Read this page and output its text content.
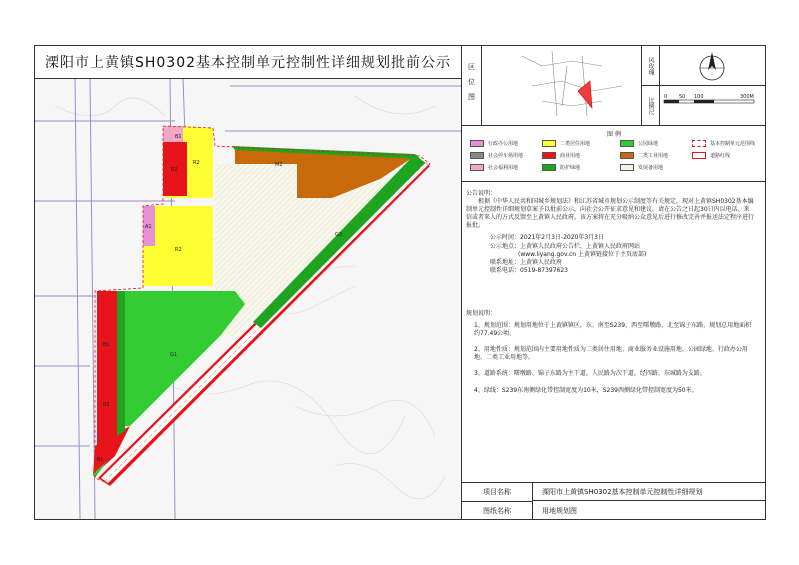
B1
B2
A1
R2
R2
M2
G1
G2
B1
B2
B1
溧阳市上黄镇SH0302基本控制单元控制性详细规划批前公示	区位图	风玫瑰
比例尺 0 50 100	300M
图 例
行政办公用地	二类居住用地	公园绿地	基本控制单元范围线
社会停车场用地	商业用地	二类工业用地	道路红线
社会福利用地	防护绿地	发展备用地
公告说明：
根据《中华人民共和国城乡规划法》和江苏省城市规划公示制度等有关规定，现对上黄镇SH0302基本编制单元控制性详细规划草案予以批前公示，向社会公开征求意见和建议。请在公告之日起30日内以电话、来信或者来人的方式反馈至上黄镇人民政府。该方案将在充分吸纳公众意见后进行修改完善并报送法定程序进行报批。
公示时间：2021年2月3日-2020年3月3日
公示地点：上黄镇人民政府公告栏，上黄镇人民政府网站
(www.liyang.gov.cn 上黄镇链接位于主页底部)
联系地址：上黄镇人民政府
联系电话：0519-87397623
规划说明：
1、规划范围：规划用地位于上黄镇镇区，东、南至S239，西至曙墩路，北至锦子东路，规划总用地面积约77.49公顷。
2、用地性质：规划范围内主要用地性质为二类居住用地、商业服务业设施用地、公园绿地、行政办公用地、二类工业用地等。
3、道路系统：曙墩路、锦子东路为主干道，人民路为次干道，经四路、东城路为支路。
4、绿线：S239东南侧绿化带控制宽度为10米，S239西侧绿化带控制宽度为50米。
项目名称	溧阳市上黄镇SH0302基本控制单元控制性详细规划
图纸名称	用地规划图
